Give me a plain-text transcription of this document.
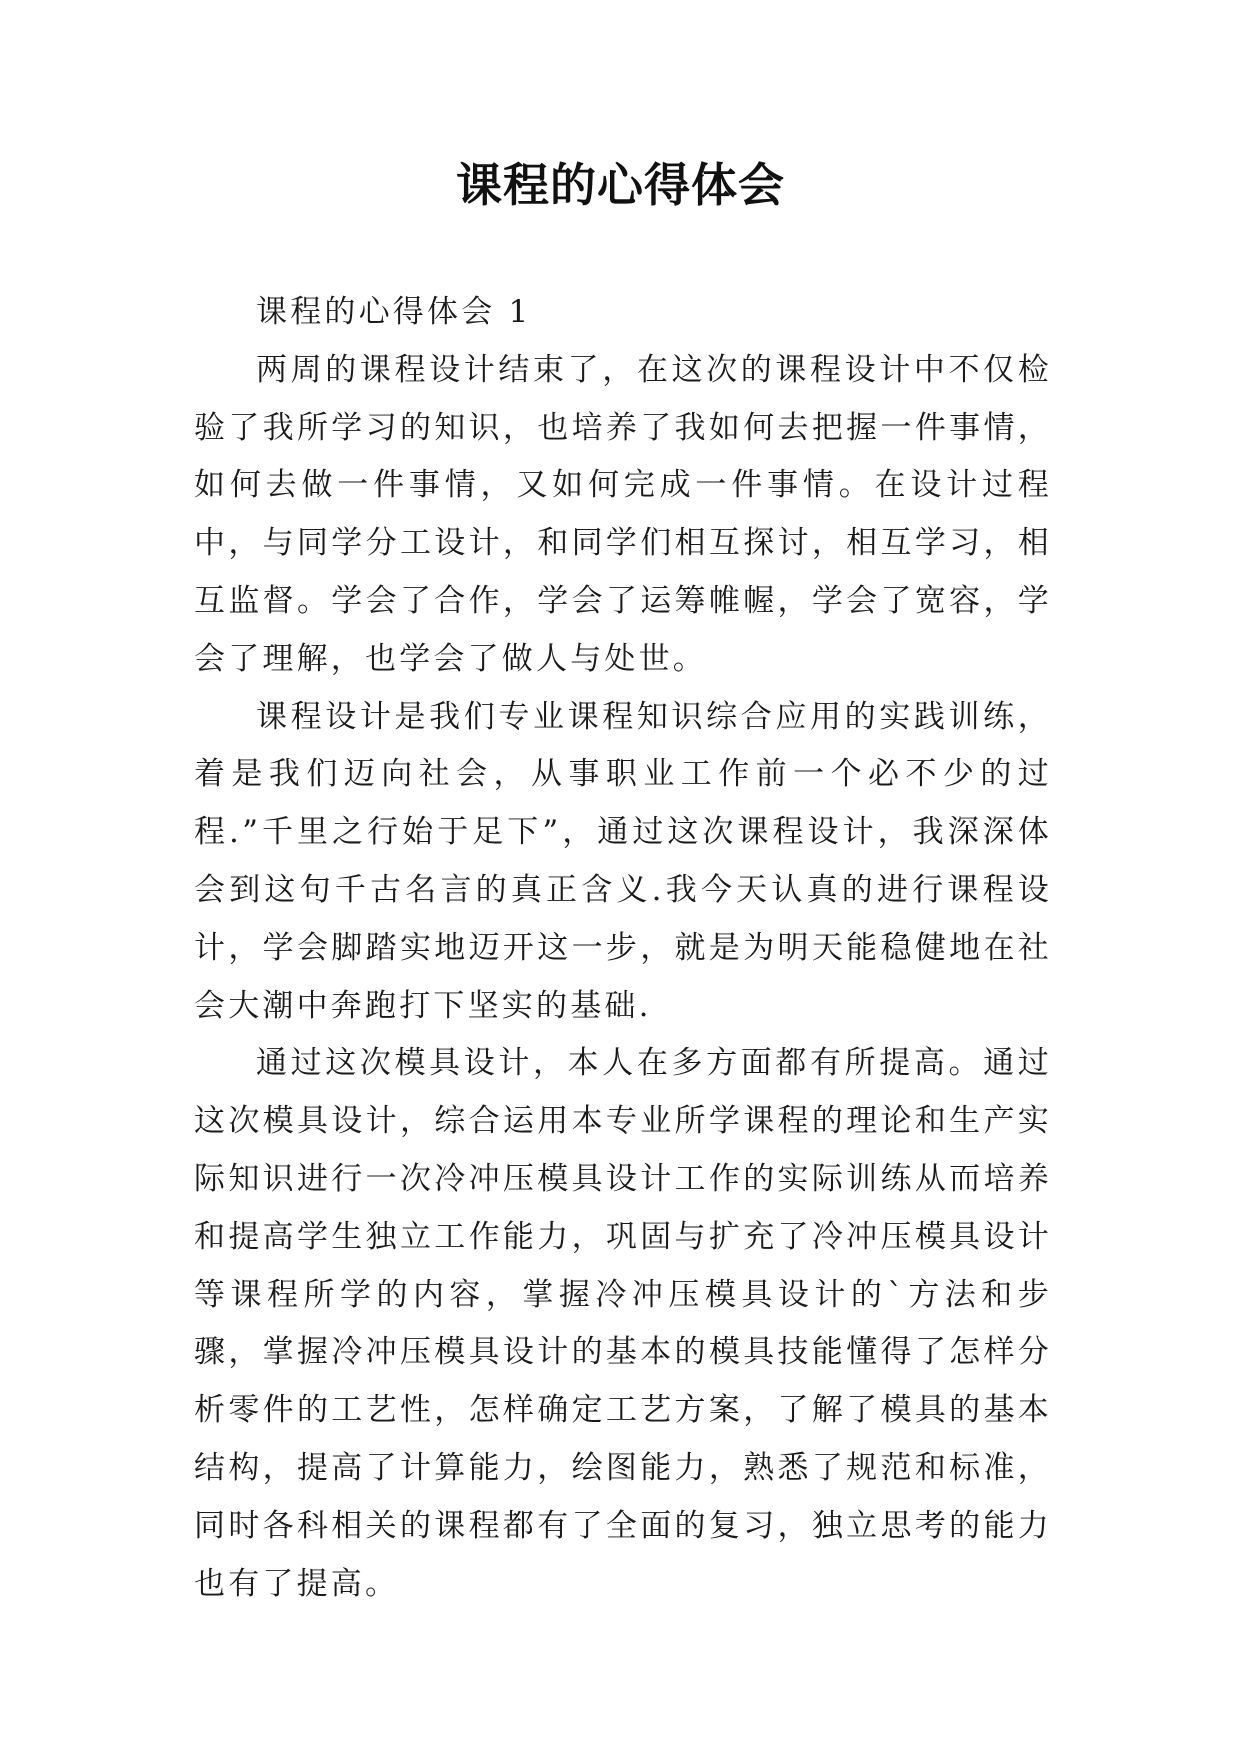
课程的心得体会

课程的心得体会 1

两周的课程设计结束了，在这次的课程设计中不仅检验了我所学习的知识，也培养了我如何去把握一件事情，如何去做一件事情，又如何完成一件事情。在设计过程中，与同学分工设计，和同学们相互探讨，相互学习，相互监督。学会了合作，学会了运筹帷幄，学会了宽容，学会了理解，也学会了做人与处世。

课程设计是我们专业课程知识综合应用的实践训练，着是我们迈向社会，从事职业工作前一个必不少的过程.”千里之行始于足下”，通过这次课程设计，我深深体会到这句千古名言的真正含义.我今天认真的进行课程设计，学会脚踏实地迈开这一步，就是为明天能稳健地在社会大潮中奔跑打下坚实的基础.

通过这次模具设计，本人在多方面都有所提高。通过这次模具设计，综合运用本专业所学课程的理论和生产实际知识进行一次冷冲压模具设计工作的实际训练从而培养和提高学生独立工作能力，巩固与扩充了冷冲压模具设计等课程所学的内容，掌握冷冲压模具设计的`方法和步骤，掌握冷冲压模具设计的基本的模具技能懂得了怎样分析零件的工艺性，怎样确定工艺方案，了解了模具的基本结构，提高了计算能力，绘图能力，熟悉了规范和标准，同时各科相关的课程都有了全面的复习，独立思考的能力也有了提高。
